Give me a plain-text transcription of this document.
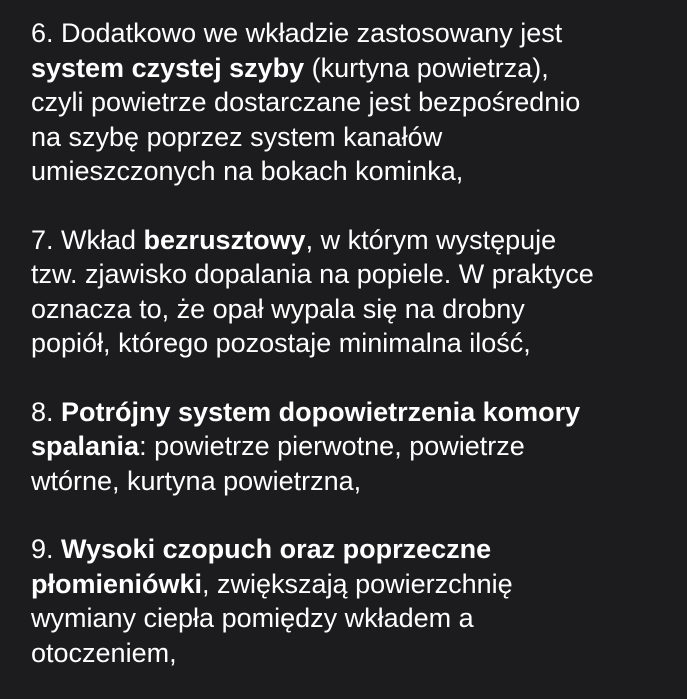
6. Dodatkowo we wkładzie zastosowany jest
system czystej szyby (kurtyna powietrza),
czyli powietrze dostarczane jest bezpośrednio
na szybę poprzez system kanałów
umieszczonych na bokach kominka,

7. Wkład bezrusztowy, w którym występuje
tzw. zjawisko dopalania na popiele. W praktyce
oznacza to, że opał wypala się na drobny
popiół, którego pozostaje minimalna ilość,

8. Potrójny system dopowietrzenia komory
spalania: powietrze pierwotne, powietrze
wtórne, kurtyna powietrzna,

9. Wysoki czopuch oraz poprzeczne
płomieniówki, zwiększają powierzchnię
wymiany ciepła pomiędzy wkładem a
otoczeniem,
